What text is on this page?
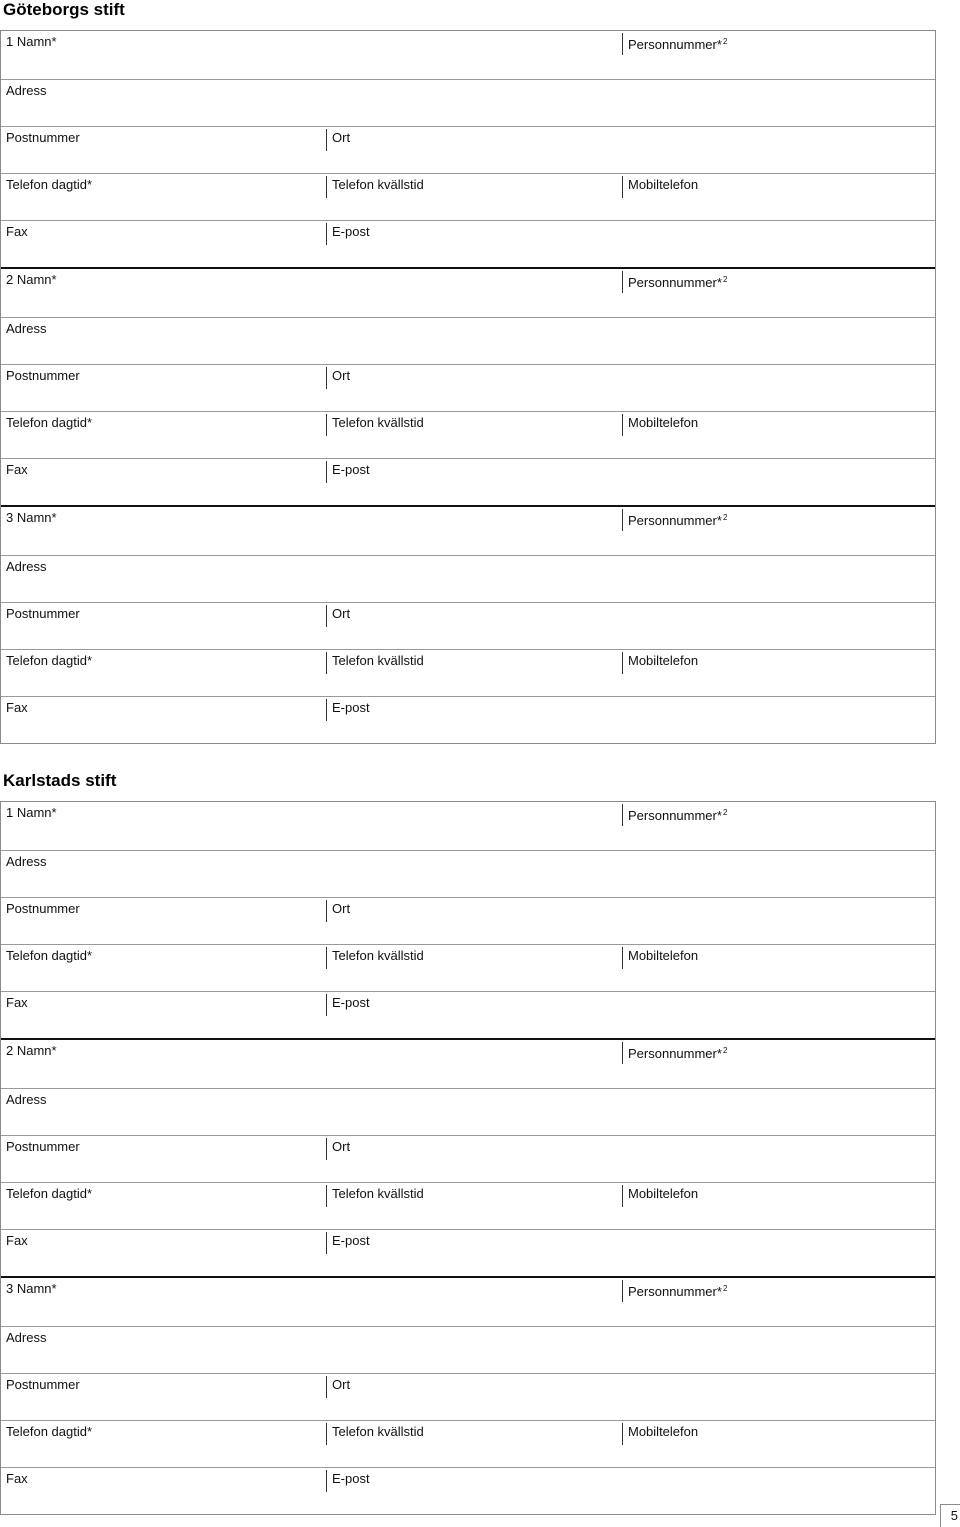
Göteborgs stift
1 Namn*	Personnummer*$^2$
Adress
Postnummer	Ort
Telefon dagtid*	Telefon kvällstid	Mobiltelefon
Fax	E-post
2 Namn*	Personnummer*$^2$
Adress
Postnummer	Ort
Telefon dagtid*	Telefon kvällstid	Mobiltelefon
Fax	E-post
3 Namn*	Personnummer*$^2$
Adress
Postnummer	Ort
Telefon dagtid*	Telefon kvällstid	Mobiltelefon
Fax	E-post
Karlstads stift
1 Namn*	Personnummer*$^2$
Adress
Postnummer	Ort
Telefon dagtid*	Telefon kvällstid	Mobiltelefon
Fax	E-post
2 Namn*	Personnummer*$^2$
Adress
Postnummer	Ort
Telefon dagtid*	Telefon kvällstid	Mobiltelefon
Fax	E-post
3 Namn*	Personnummer*$^2$
Adress
Postnummer	Ort
Telefon dagtid*	Telefon kvällstid	Mobiltelefon
Fax	E-post
5
